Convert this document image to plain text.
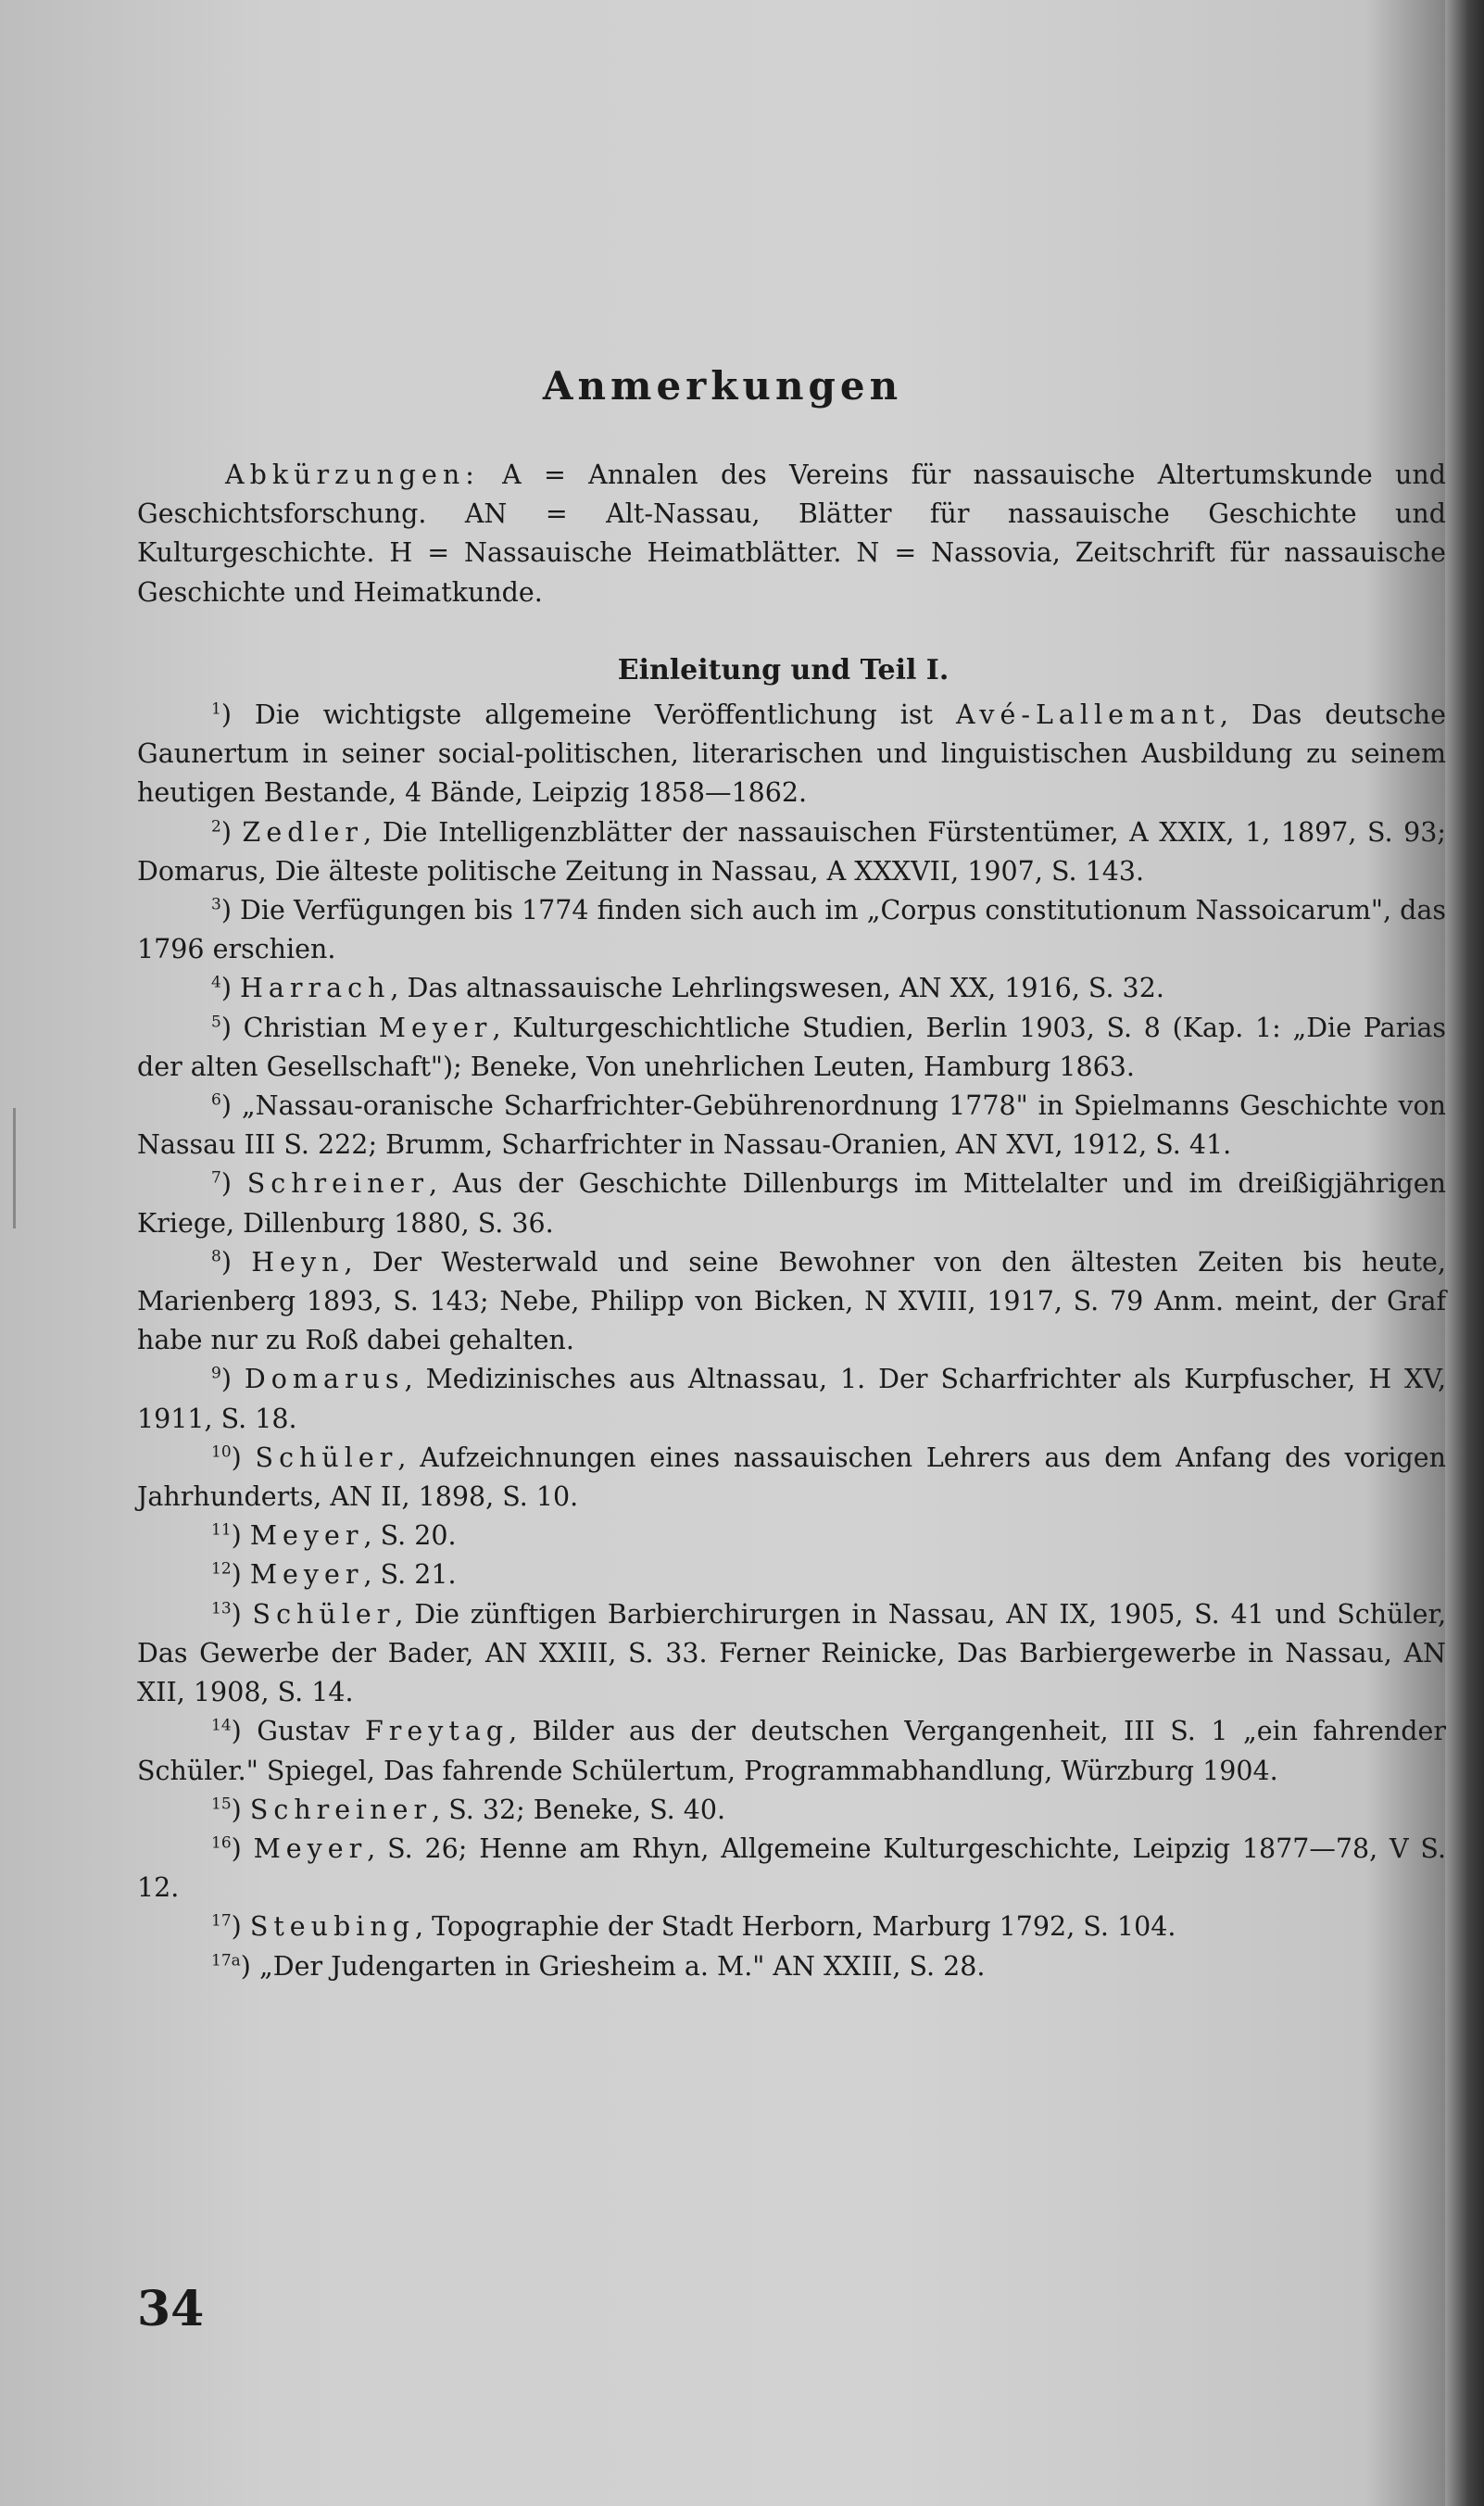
Anmerkungen

Abkürzungen: A = Annalen des Vereins für nassauische Altertumskunde und Geschichtsforschung. AN = Alt-Nassau, Blätter für nassauische Geschichte und Kulturgeschichte. H = Nassauische Heimatblätter. N = Nassovia, Zeitschrift für nassauische Geschichte und Heimatkunde.

Einleitung und Teil I.

$^1$) Die wichtigste allgemeine Veröffentlichung ist Avé-Lallemant, Das deutsche Gaunertum in seiner social-politischen, literarischen und linguistischen Ausbildung zu seinem heutigen Bestande, 4 Bände, Leipzig 1858—1862.

$^2$) Zedler, Die Intelligenzblätter der nassauischen Fürstentümer, A XXIX, 1, 1897, S. 93; Domarus, Die älteste politische Zeitung in Nassau, A XXXVII, 1907, S. 143.

$^3$) Die Verfügungen bis 1774 finden sich auch im „Corpus constitutionum Nassoicarum", das 1796 erschien.

$^4$) Harrach, Das altnassauische Lehrlingswesen, AN XX, 1916, S. 32.

$^5$) Christian Meyer, Kulturgeschichtliche Studien, Berlin 1903, S. 8 (Kap. 1: „Die Parias der alten Gesellschaft"); Beneke, Von unehrlichen Leuten, Hamburg 1863.

$^6$) „Nassau-oranische Scharfrichter-Gebührenordnung 1778" in Spielmanns Geschichte von Nassau III S. 222; Brumm, Scharfrichter in Nassau-Oranien, AN XVI, 1912, S. 41.

$^7$) Schreiner, Aus der Geschichte Dillenburgs im Mittelalter und im dreißigjährigen Kriege, Dillenburg 1880, S. 36.

$^8$) Heyn, Der Westerwald und seine Bewohner von den ältesten Zeiten bis heute, Marienberg 1893, S. 143; Nebe, Philipp von Bicken, N XVIII, 1917, S. 79 Anm. meint, der Graf habe nur zu Roß dabei gehalten.

$^9$) Domarus, Medizinisches aus Altnassau, 1. Der Scharfrichter als Kurpfuscher, H XV, 1911, S. 18.

$^{10}$) Schüler, Aufzeichnungen eines nassauischen Lehrers aus dem Anfang des vorigen Jahrhunderts, AN II, 1898, S. 10.

$^{11}$) Meyer, S. 20.

$^{12}$) Meyer, S. 21.

$^{13}$) Schüler, Die zünftigen Barbierchirurgen in Nassau, AN IX, 1905, S. 41 und Schüler, Das Gewerbe der Bader, AN XXIII, S. 33. Ferner Reinicke, Das Barbiergewerbe in Nassau, AN XII, 1908, S. 14.

$^{14}$) Gustav Freytag, Bilder aus der deutschen Vergangenheit, III S. 1 „ein fahrender Schüler." Spiegel, Das fahrende Schülertum, Programmabhandlung, Würzburg 1904.

$^{15}$) Schreiner, S. 32; Beneke, S. 40.

$^{16}$) Meyer, S. 26; Henne am Rhyn, Allgemeine Kulturgeschichte, Leipzig 1877—78, V S. 12.

$^{17}$) Steubing, Topographie der Stadt Herborn, Marburg 1792, S. 104.

$^{17a}$) „Der Judengarten in Griesheim a. M." AN XXIII, S. 28.

34
